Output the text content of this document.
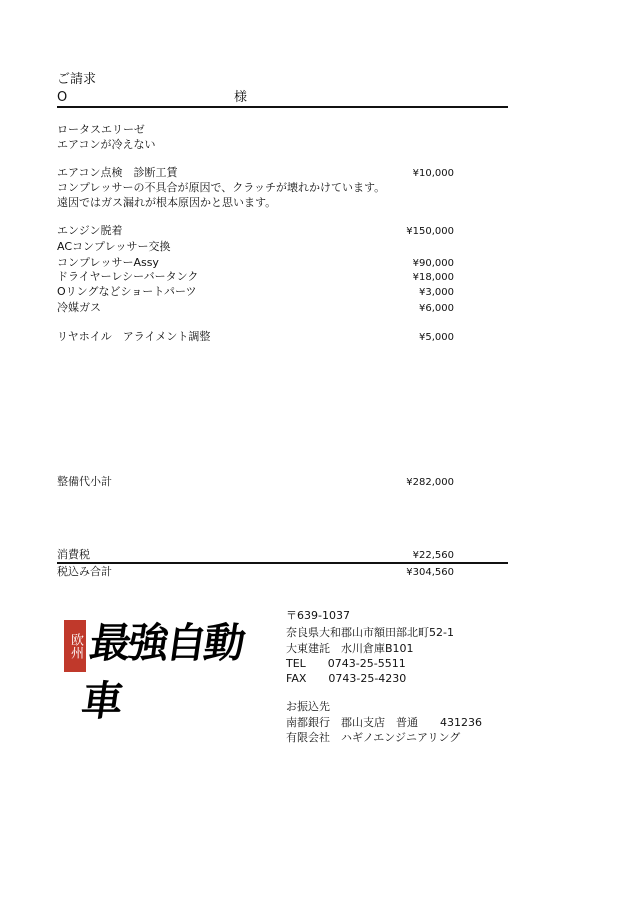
ご請求
O	様
ロータスエリーゼ
エアコンが冷えない
エアコン点検　診断工賃	¥10,000
コンプレッサーの不具合が原因で、クラッチが壊れかけています。
遠因ではガス漏れが根本原因かと思います。
エンジン脱着	¥150,000
ACコンプレッサー交換
コンプレッサーAssy	¥90,000
ドライヤーレシーバータンク	¥18,000
Oリングなどショートパーツ	¥3,000
冷媒ガス	¥6,000
リヤホイル　アライメント調整	¥5,000
整備代小計	¥282,000
消費税	¥22,560
税込み合計	¥304,560
欧州 最強自動車
〒639-1037
奈良県大和郡山市額田部北町52-1
大東建託　水川倉庫B101
TEL　　0743-25-5511
FAX　　0743-25-4230
お振込先
南都銀行　郡山支店　普通　　431236
有限会社　ハギノエンジニアリング
